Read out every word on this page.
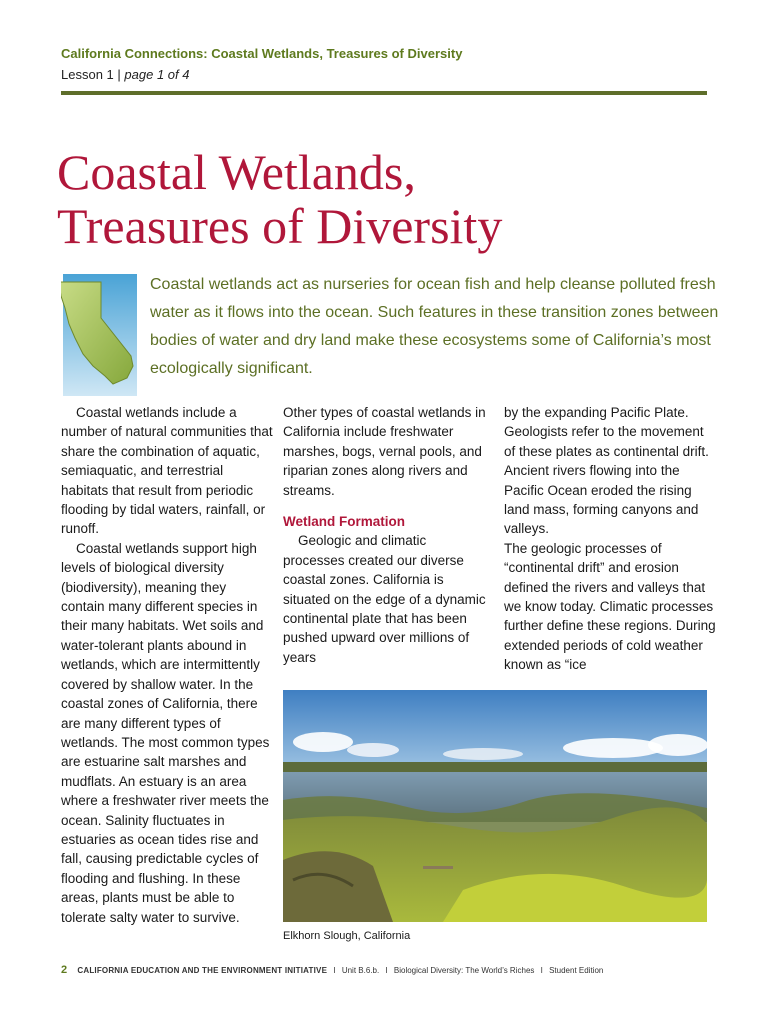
California Connections: Coastal Wetlands, Treasures of Diversity
Lesson 1 | page 1 of 4
Coastal Wetlands,
Treasures of Diversity
Coastal wetlands act as nurseries for ocean fish and help cleanse polluted fresh water as it flows into the ocean. Such features in these transition zones between bodies of water and dry land make these ecosystems some of California’s most ecologically significant.

Coastal wetlands include a number of natural communities that share the combination of aquatic, semiaquatic, and terrestrial habitats that result from periodic flooding by tidal waters, rainfall, or runoff.

Coastal wetlands support high levels of biological diversity (biodiversity), meaning they contain many different species in their many habitats. Wet soils and water-tolerant plants abound in wetlands, which are intermittently covered by shallow water. In the coastal zones of California, there are many different types of wetlands. The most common types are estuarine salt marshes and mudflats. An estuary is an area where a freshwater river meets the ocean. Salinity fluctuates in estuaries as ocean tides rise and fall, causing predictable cycles of flooding and flushing. In these areas, plants must be able to tolerate salty water to survive.

Other types of coastal wetlands in California include freshwater marshes, bogs, vernal pools, and riparian zones along rivers and streams.

Wetland Formation

Geologic and climatic processes created our diverse coastal zones. California is situated on the edge of a dynamic continental plate that has been pushed upward over millions of years

by the expanding Pacific Plate. Geologists refer to the movement of these plates as continental drift. Ancient rivers flowing into the Pacific Ocean eroded the rising land mass, forming canyons and valleys.

The geologic processes of “continental drift” and erosion defined the rivers and valleys that we know today. Climatic processes further define these regions. During extended periods of cold weather known as “ice

Elkhorn Slough, California
2 CALIFORNIA EDUCATION AND THE ENVIRONMENT INITIATIVE I Unit B.6.b. I Biological Diversity: The World’s Riches I Student Edition
